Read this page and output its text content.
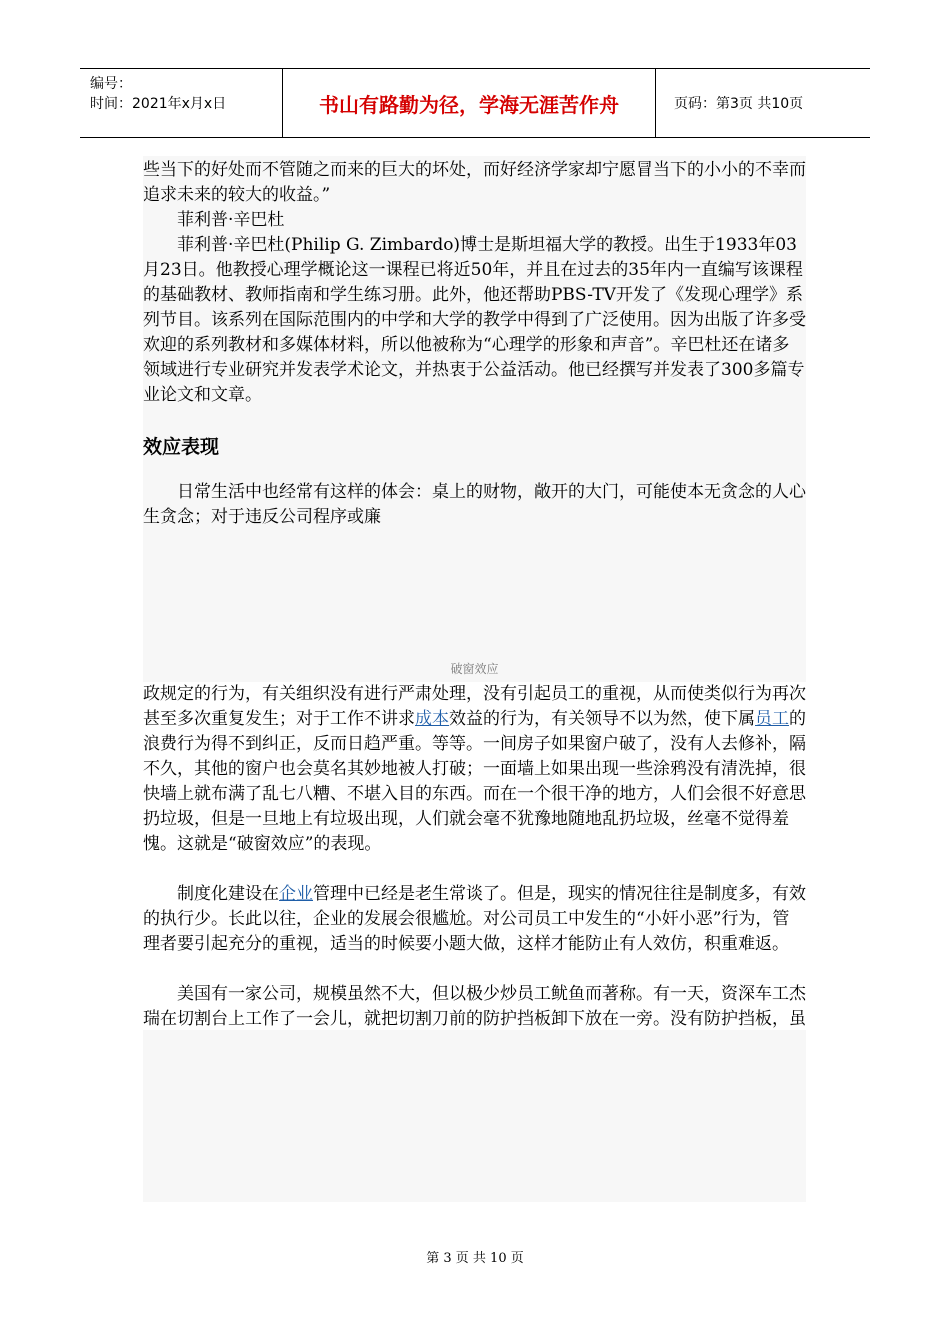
编号：
时间：2021年x月x日	书山有路勤为径，学海无涯苦作舟	页码：第3页 共10页

些当下的好处而不管随之而来的巨大的坏处，而好经济学家却宁愿冒当下的小小的不幸而追求未来的较大的收益。”

菲利普·辛巴杜

菲利普·辛巴杜(Philip G. Zimbardo)博士是斯坦福大学的教授。出生于1933年03月23日。他教授心理学概论这一课程已将近50年，并且在过去的35年内一直编写该课程的基础教材、教师指南和学生练习册。此外，他还帮助PBS-TV开发了《发现心理学》系列节目。该系列在国际范围内的中学和大学的教学中得到了广泛使用。因为出版了许多受欢迎的系列教材和多媒体材料，所以他被称为“心理学的形象和声音”。辛巴杜还在诸多领域进行专业研究并发表学术论文，并热衷于公益活动。他已经撰写并发表了300多篇专业论文和文章。

效应表现

日常生活中也经常有这样的体会：桌上的财物，敞开的大门，可能使本无贪念的人心生贪念；对于违反公司程序或廉

破窗效应

政规定的行为，有关组织没有进行严肃处理，没有引起员工的重视，从而使类似行为再次甚至多次重复发生；对于工作不讲求成本效益的行为，有关领导不以为然，使下属员工的浪费行为得不到纠正，反而日趋严重。等等。一间房子如果窗户破了，没有人去修补，隔不久，其他的窗户也会莫名其妙地被人打破；一面墙上如果出现一些涂鸦没有清洗掉，很快墙上就布满了乱七八糟、不堪入目的东西。而在一个很干净的地方，人们会很不好意思扔垃圾，但是一旦地上有垃圾出现，人们就会毫不犹豫地随地乱扔垃圾，丝毫不觉得羞愧。这就是“破窗效应”的表现。

制度化建设在企业管理中已经是老生常谈了。但是，现实的情况往往是制度多，有效的执行少。长此以往，企业的发展会很尴尬。对公司员工中发生的“小奸小恶”行为，管理者要引起充分的重视，适当的时候要小题大做，这样才能防止有人效仿，积重难返。

美国有一家公司，规模虽然不大，但以极少炒员工鱿鱼而著称。有一天，资深车工杰瑞在切割台上工作了一会儿，就把切割刀前的防护挡板卸下放在一旁。没有防护挡板，虽

第 3 页 共 10 页
